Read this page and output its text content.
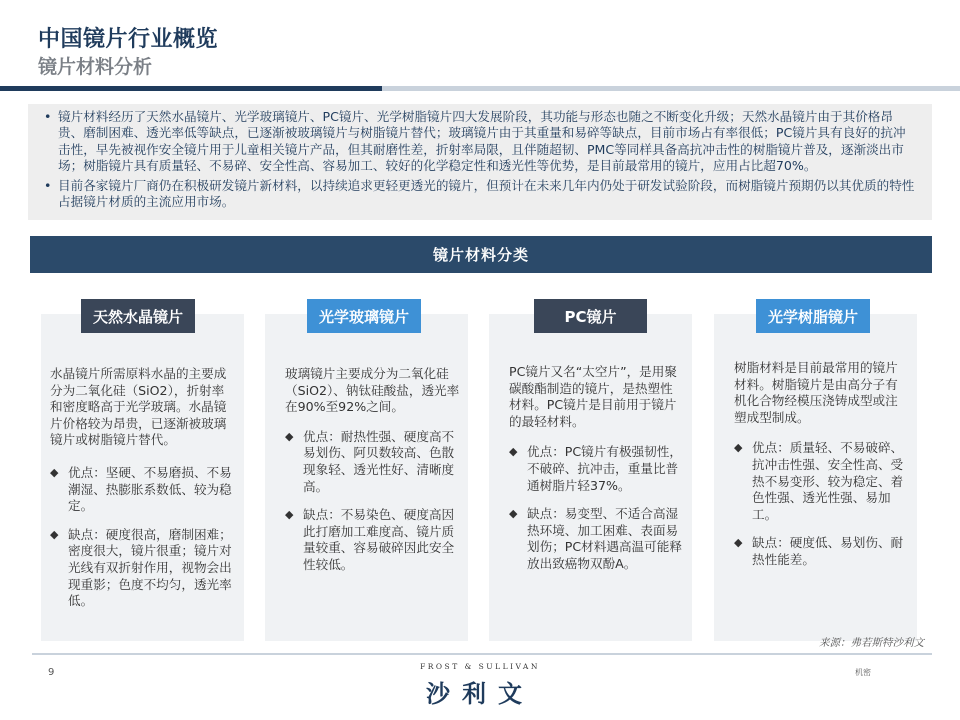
中国镜片行业概览
镜片材料分析
• 镜片材料经历了天然水晶镜片、光学玻璃镜片、PC镜片、光学树脂镜片四大发展阶段，其功能与形态也随之不断变化升级；天然水晶镜片由于其价格昂贵、磨制困难、透光率低等缺点，已逐渐被玻璃镜片与树脂镜片替代；玻璃镜片由于其重量和易碎等缺点，目前市场占有率很低；PC镜片具有良好的抗冲击性，早先被视作安全镜片用于儿童相关镜片产品，但其耐磨性差，折射率局限，且伴随超韧、PMC等同样具备高抗冲击性的树脂镜片普及，逐渐淡出市场；树脂镜片具有质量轻、不易碎、安全性高、容易加工、较好的化学稳定性和透光性等优势，是目前最常用的镜片，应用占比超70%。
• 目前各家镜片厂商仍在积极研发镜片新材料，以持续追求更轻更透光的镜片，但预计在未来几年内仍处于研发试验阶段，而树脂镜片预期仍以其优质的特性占据镜片材质的主流应用市场。
镜片材料分类

水晶镜片所需原料水晶的主要成分为二氧化硅（SiO2），折射率和密度略高于光学玻璃。水晶镜片价格较为昂贵，已逐渐被玻璃镜片或树脂镜片替代。

◆ 优点：坚硬、不易磨损、不易潮湿、热膨胀系数低、较为稳定。
◆ 缺点：硬度很高，磨制困难；密度很大，镜片很重；镜片对光线有双折射作用，视物会出现重影；色度不均匀，透光率低。
天然水晶镜片

玻璃镜片主要成分为二氧化硅（SiO2）、钠钛硅酸盐，透光率在90%至92%之间。

◆ 优点：耐热性强、硬度高不易划伤、阿贝数较高、色散现象轻、透光性好、清晰度高。
◆ 缺点：不易染色、硬度高因此打磨加工难度高、镜片质量较重、容易破碎因此安全性较低。
光学玻璃镜片

PC镜片又名“太空片”，是用聚碳酸酯制造的镜片，是热塑性材料。PC镜片是目前用于镜片的最轻材料。

◆ 优点：PC镜片有极强韧性，不破碎、抗冲击，重量比普通树脂片轻37%。
◆ 缺点：易变型、不适合高湿热环境、加工困难、表面易划伤；PC材料遇高温可能释放出致癌物双酚A。
PC镜片

树脂材料是目前最常用的镜片材料。树脂镜片是由高分子有机化合物经模压浇铸成型或注塑成型制成。

◆ 优点：质量轻、不易破碎、抗冲击性强、安全性高、受热不易变形、较为稳定、着色性强、透光性强、易加工。
◆ 缺点：硬度低、易划伤、耐热性能差。
光学树脂镜片
来源：弗若斯特沙利文
9
FROST & SULLIVAN
沙利文
机密
